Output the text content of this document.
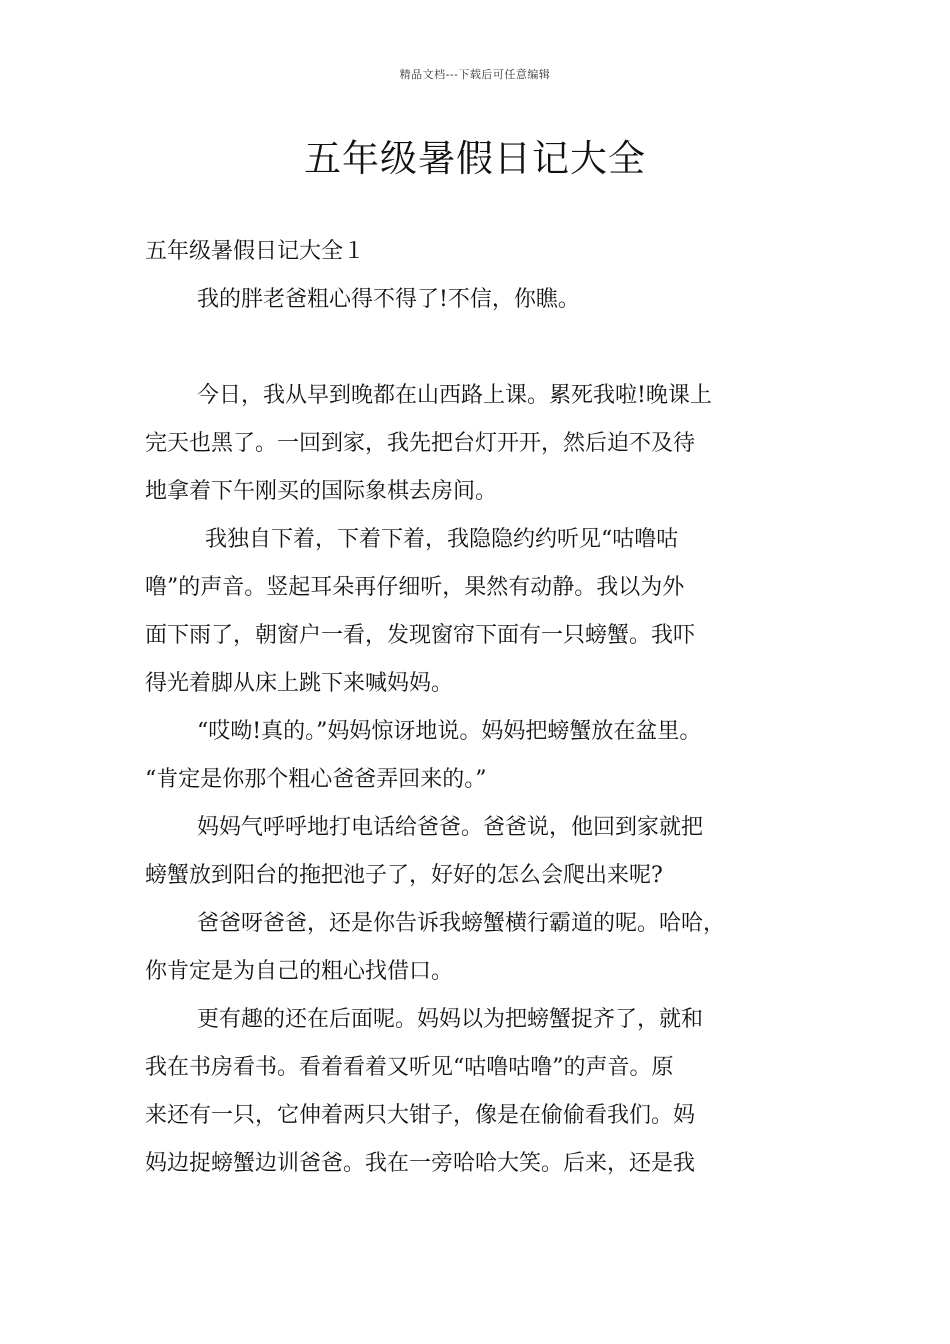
精品文档---下载后可任意编辑
五年级暑假日记大全

五年级暑假日记大全１

我的胖老爸粗心得不得了!不信，你瞧。

今日，我从早到晚都在山西路上课。累死我啦!晚课上

完天也黑了。一回到家，我先把台灯开开，然后迫不及待

地拿着下午刚买的国际象棋去房间。

我独自下着，下着下着，我隐隐约约听见“咕噜咕

噜”的声音。竖起耳朵再仔细听，果然有动静。我以为外

面下雨了，朝窗户一看，发现窗帘下面有一只螃蟹。我吓

得光着脚从床上跳下来喊妈妈。

“哎呦!真的。”妈妈惊讶地说。妈妈把螃蟹放在盆里。

“肯定是你那个粗心爸爸弄回来的。”

妈妈气呼呼地打电话给爸爸。爸爸说，他回到家就把

螃蟹放到阳台的拖把池子了，好好的怎么会爬出来呢?

爸爸呀爸爸，还是你告诉我螃蟹横行霸道的呢。哈哈，

你肯定是为自己的粗心找借口。

更有趣的还在后面呢。妈妈以为把螃蟹捉齐了，就和

我在书房看书。看着看着又听见“咕噜咕噜”的声音。原

来还有一只，它伸着两只大钳子，像是在偷偷看我们。妈

妈边捉螃蟹边训爸爸。我在一旁哈哈大笑。后来，还是我
